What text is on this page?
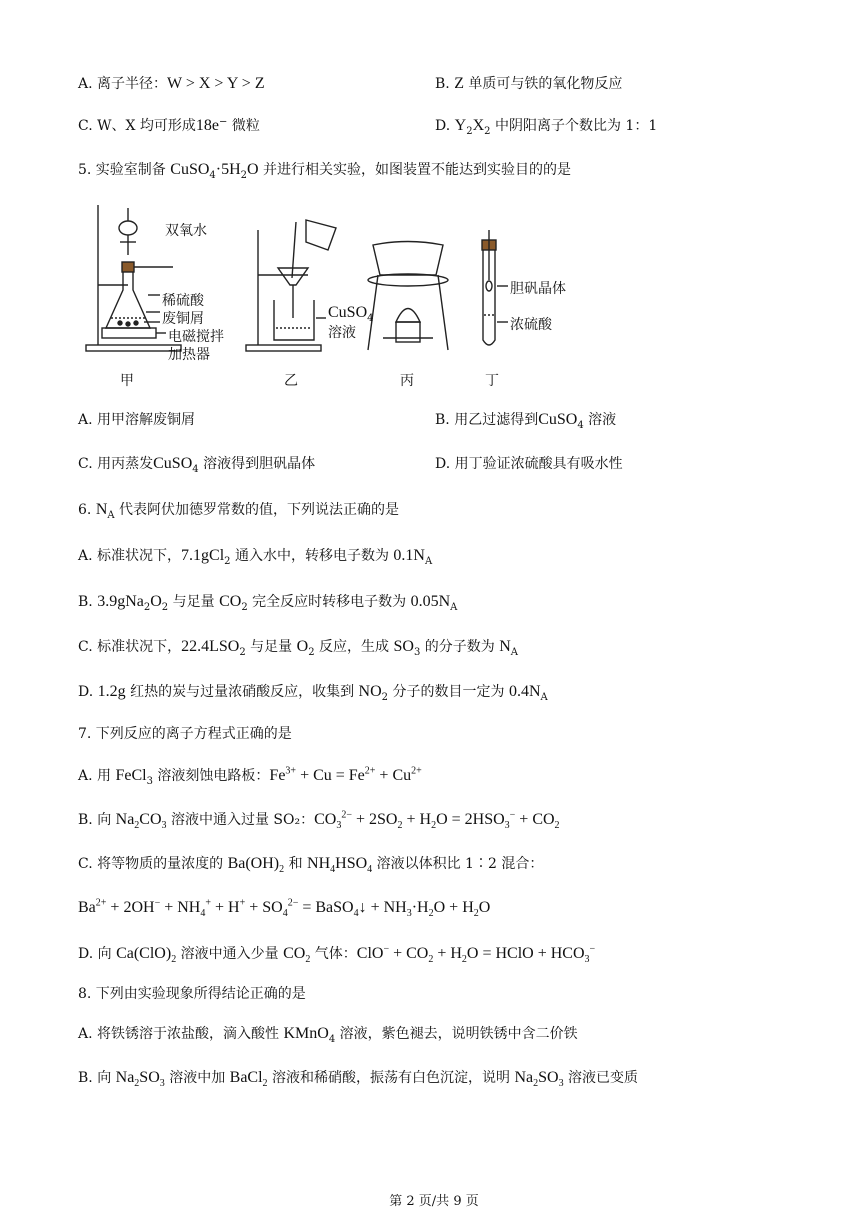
A. 离子半径：W > X > Y > Z	B. Z 单质可与铁的氧化物反应
C. W、X 均可形成18e− 微粒	D. $Y_2X_2$ 中阴阳离子个数比为 1：1
5. 实验室制备 $CuSO_4\cdot 5H_2O$ 并进行相关实验，如图装置不能达到实验目的的是
双氧水
稀硫酸
废铜屑
电磁搅拌
加热器
CuSO$_4$
溶液
胆矾晶体
浓硫酸
甲	乙	丙	丁
A. 用甲溶解废铜屑	B. 用乙过滤得到CuSO$_4$ 溶液
C. 用丙蒸发CuSO$_4$ 溶液得到胆矾晶体	D. 用丁验证浓硫酸具有吸水性
6. $N_A$ 代表阿伏加德罗常数的值，下列说法正确的是
A. 标准状况下，7.1gCl$_2$ 通入水中，转移电子数为 $0.1N_A$
B. $3.9gNa_2O_2$ 与足量 $CO_2$ 完全反应时转移电子数为 $0.05N_A$
C. 标准状况下，$22.4LSO_2$ 与足量 $O_2$ 反应，生成 $SO_3$ 的分子数为 $N_A$
D. 1.2g 红热的炭与过量浓硝酸反应，收集到 $NO_2$ 分子的数目一定为 $0.4N_A$
7. 下列反应的离子方程式正确的是
A. 用 FeCl$_3$ 溶液刻蚀电路板：$Fe^{3+} + Cu = Fe^{2+} + Cu^{2+}$
B. 向 $Na_2CO_3$ 溶液中通入过量 SO₂：$CO_3^{2-} + 2SO_2 + H_2O = 2HSO_3^- + CO_2$
C. 将等物质的量浓度的 $Ba(OH)_2$ 和 $NH_4HSO_4$ 溶液以体积比 1∶2 混合：
$Ba^{2+} + 2OH^- + NH_4^+ + H^+ + SO_4^{2-}$ = BaSO$_4$↓ + $NH_3\cdot H_2O + H_2O$
D. 向 $Ca(ClO)_2$ 溶液中通入少量 $CO_2$ 气体：$ClO^- + CO_2 + H_2O$ = HClO + $HCO_3^-$
8. 下列由实验现象所得结论正确的是
A. 将铁锈溶于浓盐酸，滴入酸性 KMnO$_4$ 溶液，紫色褪去，说明铁锈中含二价铁
B. 向 $Na_2SO_3$ 溶液中加 BaCl$_2$ 溶液和稀硝酸，振荡有白色沉淀，说明 $Na_2SO_3$ 溶液已变质
第 2 页/共 9 页
